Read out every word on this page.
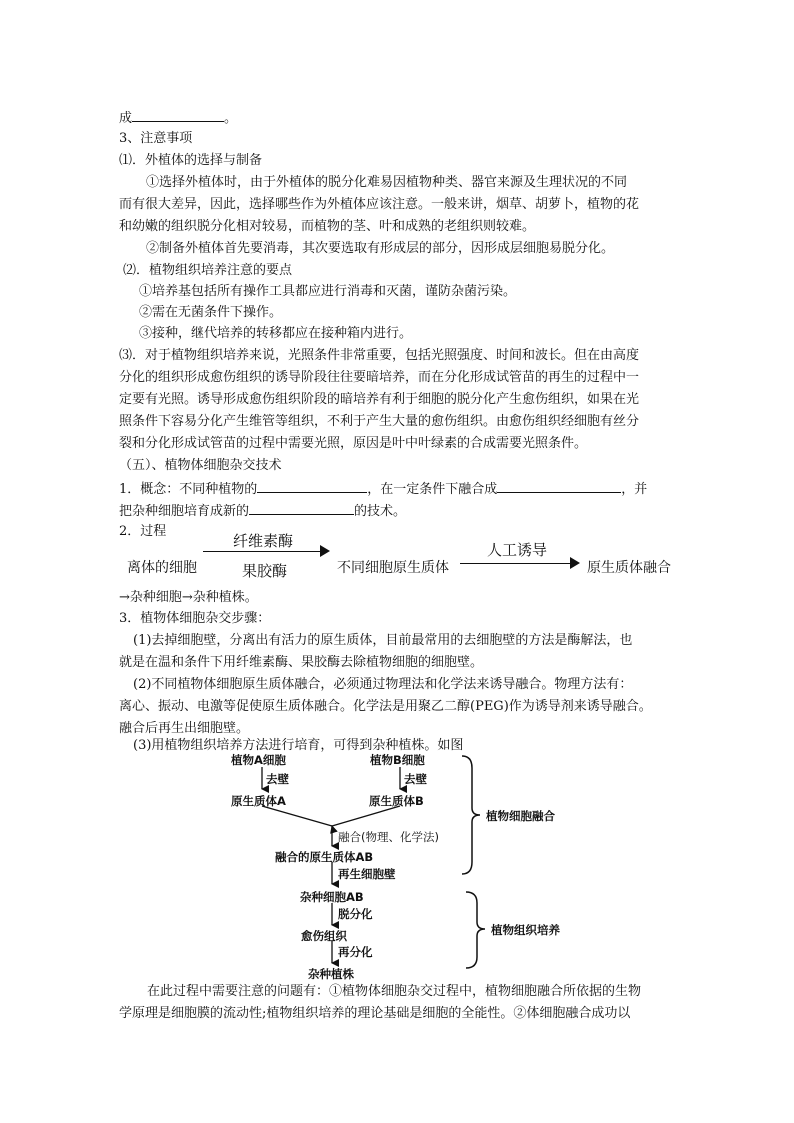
成	。
3、注意事项
⑴．外植体的选择与制备
①选择外植体时，由于外植体的脱分化难易因植物种类、器官来源及生理状况的不同
而有很大差异，因此，选择哪些作为外植体应该注意。一般来讲，烟草、胡萝卜，植物的花
和幼嫩的组织脱分化相对较易，而植物的茎、叶和成熟的老组织则较难。
②制备外植体首先要消毒，其次要选取有形成层的部分，因形成层细胞易脱分化。
⑵．植物组织培养注意的要点
①培养基包括所有操作工具都应进行消毒和灭菌，谨防杂菌污染。
②需在无菌条件下操作。
③接种，继代培养的转移都应在接种箱内进行。
⑶．对于植物组织培养来说，光照条件非常重要，包括光照强度、时间和波长。但在由高度
分化的组织形成愈伤组织的诱导阶段往往要暗培养，而在分化形成试管苗的再生的过程中一
定要有光照。诱导形成愈伤组织阶段的暗培养有利于细胞的脱分化产生愈伤组织，如果在光
照条件下容易分化产生维管等组织，不利于产生大量的愈伤组织。由愈伤组织经细胞有丝分
裂和分化形成试管苗的过程中需要光照，原因是叶中叶绿素的合成需要光照条件。
（五）、植物体细胞杂交技术
1．概念：不同种植物的	，在一定条件下融合成	，并
把杂种细胞培育成新的	的技术。
2．过程
离体的细胞
纤维素酶
果胶酶	不同细胞原生质体
人工诱导
原生质体融合
→杂种细胞→杂种植株。
3．植物体细胞杂交步骤：
(1)去掉细胞壁，分离出有活力的原生质体，目前最常用的去细胞壁的方法是酶解法，也
就是在温和条件下用纤维素酶、果胶酶去除植物细胞的细胞壁。
(2)不同植物体细胞原生质体融合，必须通过物理法和化学法来诱导融合。物理方法有：
离心、振动、电激等促使原生质体融合。化学法是用聚乙二醇(PEG)作为诱导剂来诱导融合。
融合后再生出细胞壁。
(3)用植物组织培养方法进行培育，可得到杂种植株。如图
植物A细胞	植物B细胞
去壁	去壁
原生质体A	原生质体B
融合(物理、化学法)
融合的原生质体AB
再生细胞壁
杂种细胞AB
脱分化
愈伤组织
再分化
杂种植株
植物细胞融合
植物组织培养
在此过程中需要注意的问题有：①植物体细胞杂交过程中，植物细胞融合所依据的生物
学原理是细胞膜的流动性;植物组织培养的理论基础是细胞的全能性。②体细胞融合成功以
